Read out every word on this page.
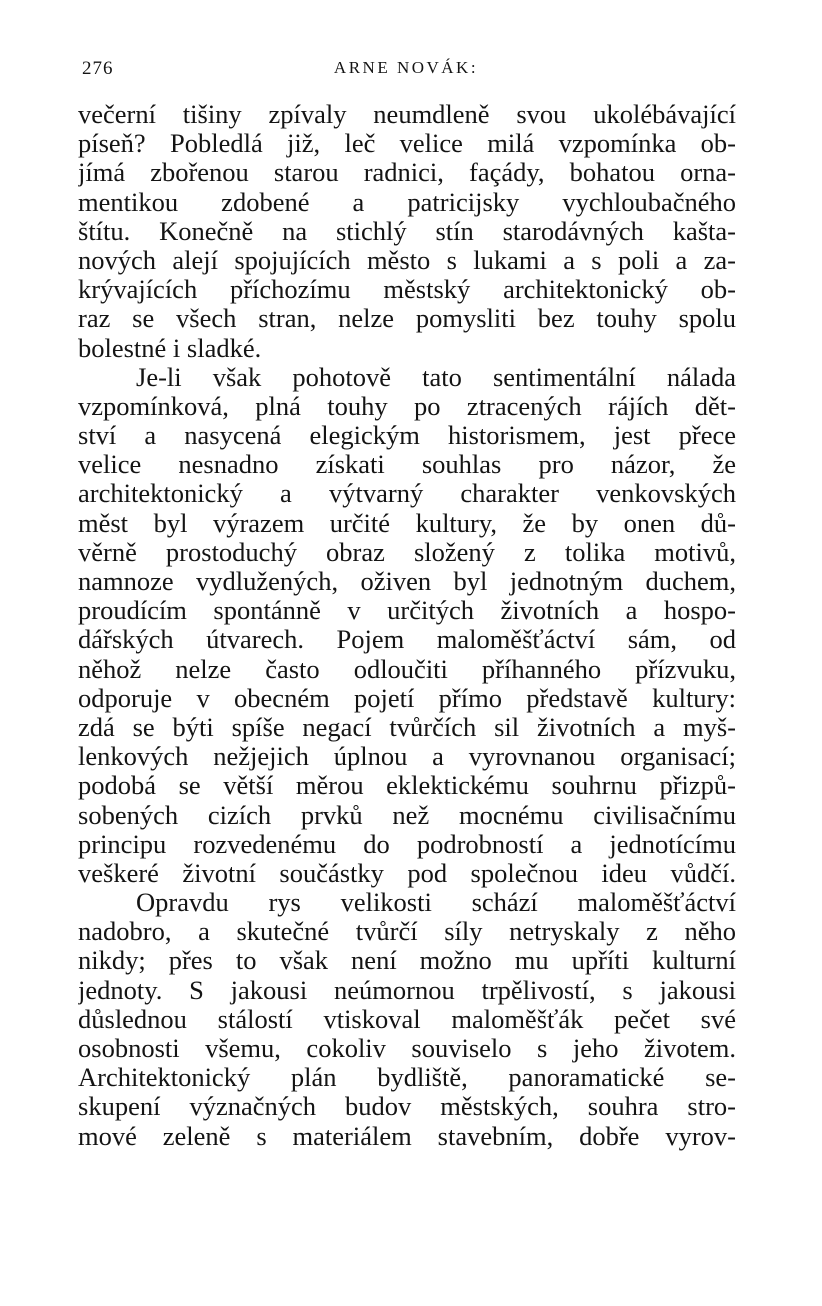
276	ARNE NOVÁK:
večerní tišiny zpívaly neumdleně svou ukolébávající
píseň? Pobledlá již, leč velice milá vzpomínka ob-
jímá zbořenou starou radnici, façády, bohatou orna-
mentikou zdobené a patricijsky vychloubačného
štítu. Konečně na stichlý stín starodávných kašta-
nových alejí spojujících město s lukami a s poli a za-
krývajících příchozímu městský architektonický ob-
raz se všech stran, nelze pomysliti bez touhy spolu
bolestné i sladké.
Je-li však pohotově tato sentimentální nálada
vzpomínková, plná touhy po ztracených rájích dět-
ství a nasycená elegickým historismem, jest přece
velice nesnadno získati souhlas pro názor, že
architektonický a výtvarný charakter venkovských
měst byl výrazem určité kultury, že by onen dů-
věrně prostoduchý obraz složený z tolika motivů,
namnoze vydlužených, oživen byl jednotným duchem,
proudícím spontánně v určitých životních a hospo-
dářských útvarech. Pojem maloměšťáctví sám, od
něhož nelze často odloučiti příhanného přízvuku,
odporuje v obecném pojetí přímo představě kultury:
zdá se býti spíše negací tvůrčích sil životních a myš-
lenkových nežjejich úplnou a vyrovnanou organisací;
podobá se větší měrou eklektickému souhrnu přizpů-
sobených cizích prvků než mocnému civilisačnímu
principu rozvedenému do podrobností a jednotícímu
veškeré životní součástky pod společnou ideu vůdčí.
Opravdu rys velikosti schází maloměšťáctví
nadobro, a skutečné tvůrčí síly netryskaly z něho
nikdy; přes to však není možno mu upříti kulturní
jednoty. S jakousi neúmornou trpělivostí, s jakousi
důslednou stálostí vtiskoval maloměšťák pečet své
osobnosti všemu, cokoliv souviselo s jeho životem.
Architektonický plán bydliště, panoramatické se-
skupení význačných budov městských, souhra stro-
mové zeleně s materiálem stavebním, dobře vyrov-
